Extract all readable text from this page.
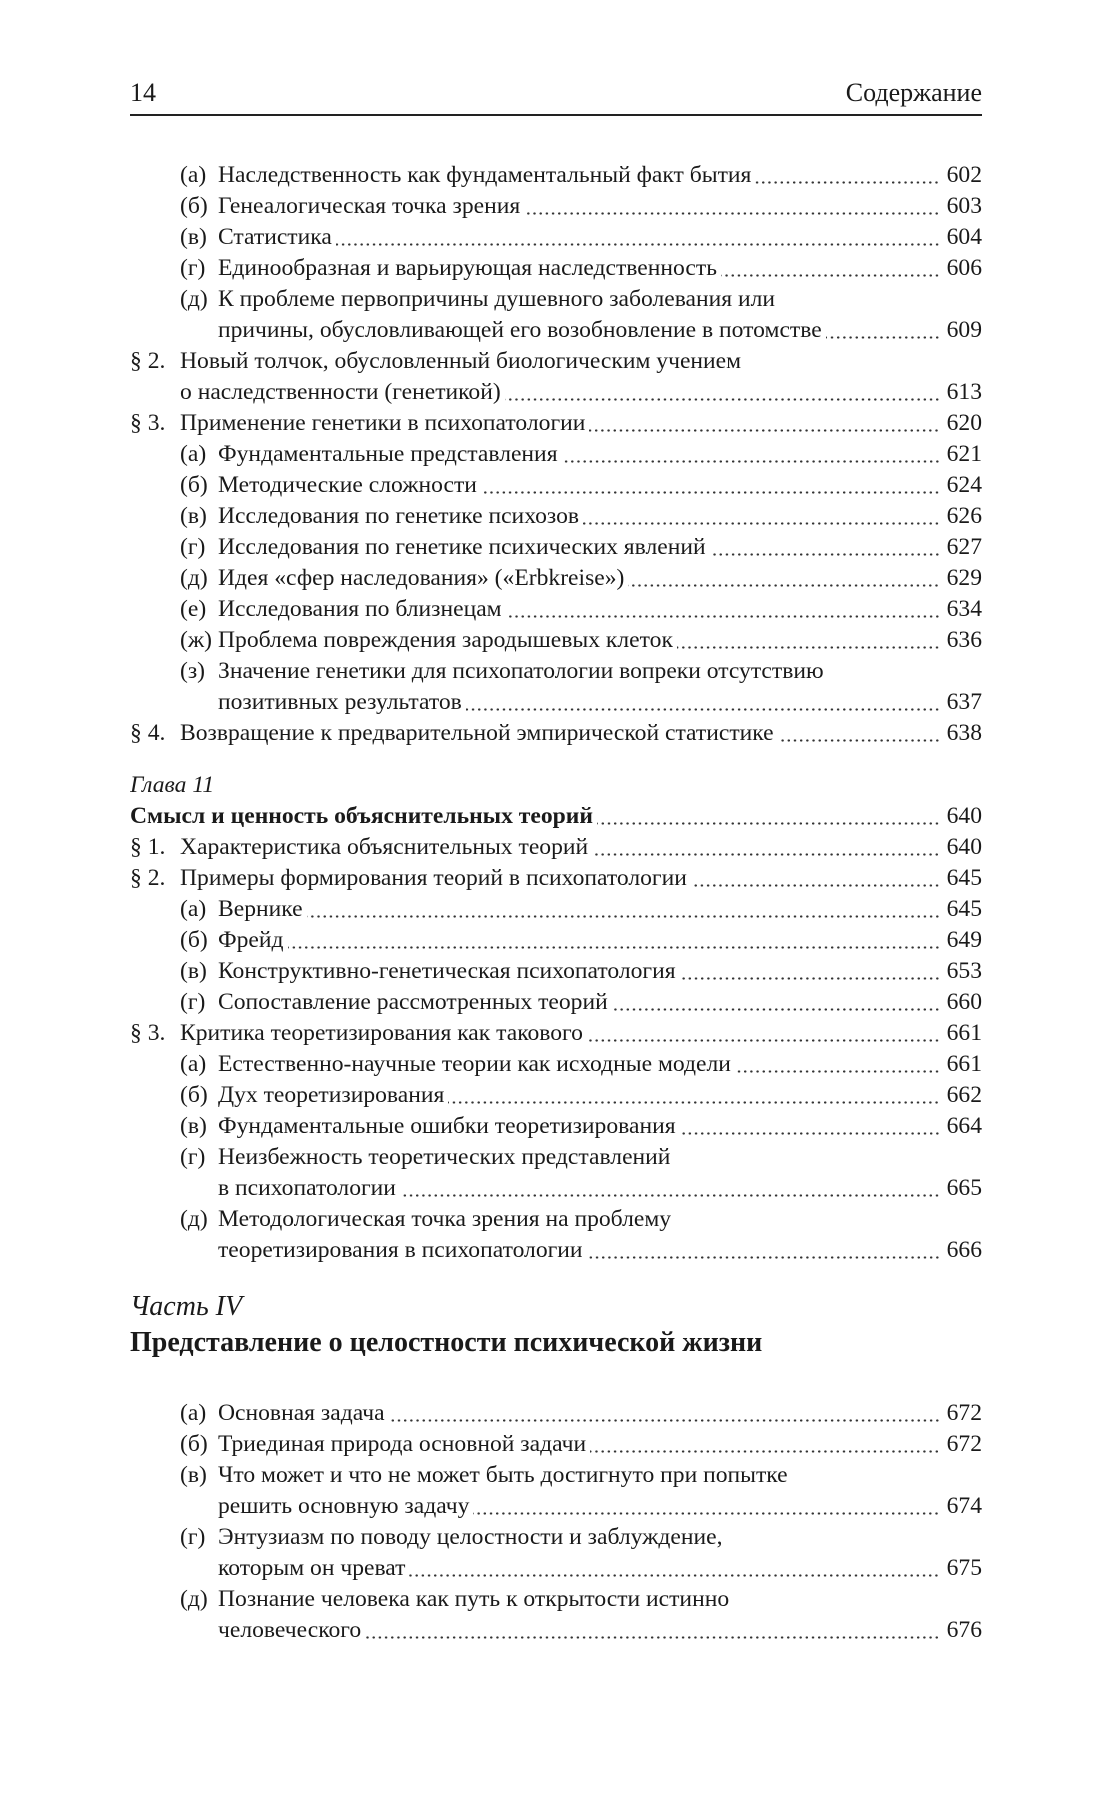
14	Содержание
(а) Наследственность как фундаментальный факт бытия	602
(б) Генеалогическая точка зрения	603
(в) Статистика	604
(г) Единообразная и варьирующая наследственность	606
(д) К проблеме первопричины душевного заболевания или
причины, обусловливающей его возобновление в потомстве	609
§ 2. Новый толчок, обусловленный биологическим учением
о наследственности (генетикой)	613
§ 3. Применение генетики в психопатологии	620
(а) Фундаментальные представления	621
(б) Методические сложности	624
(в) Исследования по генетике психозов	626
(г) Исследования по генетике психических явлений	627
(д) Идея «сфер наследования» («Erbkreise»)	629
(е) Исследования по близнецам	634
(ж) Проблема повреждения зародышевых клеток	636
(з) Значение генетики для психопатологии вопреки отсутствию
позитивных результатов	637
§ 4. Возвращение к предварительной эмпирической статистике	638
Глава 11
Смысл и ценность объяснительных теорий	640
§ 1. Характеристика объяснительных теорий	640
§ 2. Примеры формирования теорий в психопатологии	645
(а) Вернике	645
(б) Фрейд	649
(в) Конструктивно-генетическая психопатология	653
(г) Сопоставление рассмотренных теорий	660
§ 3. Критика теоретизирования как такового	661
(а) Естественно-научные теории как исходные модели	661
(б) Дух теоретизирования	662
(в) Фундаментальные ошибки теоретизирования	664
(г) Неизбежность теоретических представлений
в психопатологии	665
(д) Методологическая точка зрения на проблему
теоретизирования в психопатологии	666
Часть IV
Представление о целостности психической жизни
(а) Основная задача	672
(б) Триединая природа основной задачи	672
(в) Что может и что не может быть достигнуто при попытке
решить основную задачу	674
(г) Энтузиазм по поводу целостности и заблуждение,
которым он чреват	675
(д) Познание человека как путь к открытости истинно
человеческого	676
